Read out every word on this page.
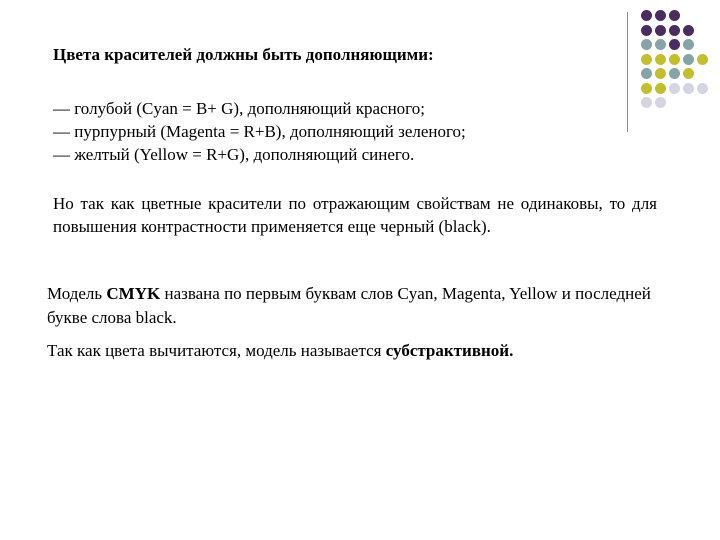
Цвета красителей должны быть дополняющими:
— голубой (Cyan = B+ G), дополняющий красного;
— пурпурный (Magenta = R+B), дополняющий зеленого;
— желтый (Yellow = R+G), дополняющий синего.
Но так как цветные красители по отражающим свойствам не одинаковы, то для повышения контрастности применяется еще черный (black).
Модель CMYK названа по первым буквам слов Cyan, Magenta, Yellow и последней букве слова black.
Так как цвета вычитаются, модель называется субстрактивной.
